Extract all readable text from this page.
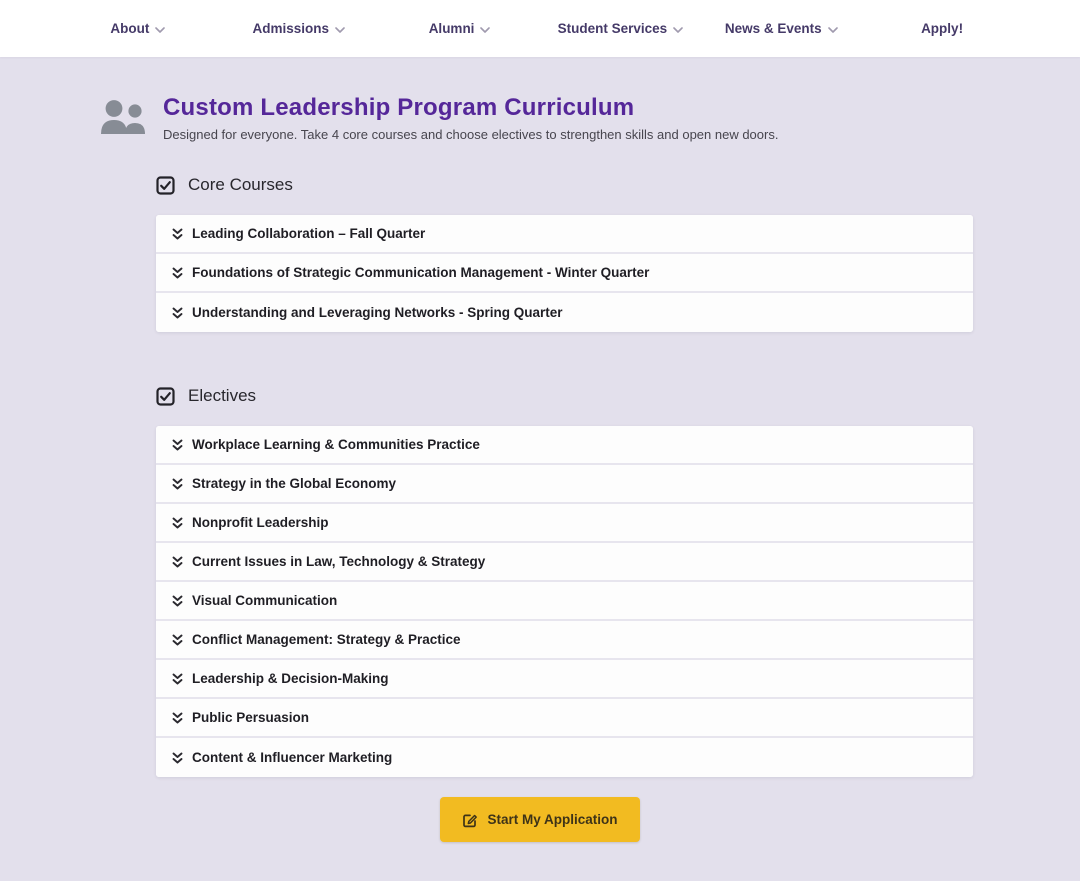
About	Admissions	Alumni	Student Services	News & Events	Apply!
Custom Leadership Program Curriculum

Designed for everyone. Take 4 core courses and choose electives to strengthen skills and open new doors.

Core Courses
Leading Collaboration – Fall Quarter
Foundations of Strategic Communication Management - Winter Quarter
Understanding and Leveraging Networks - Spring Quarter
Electives
Workplace Learning & Communities Practice
Strategy in the Global Economy
Nonprofit Leadership
Current Issues in Law, Technology & Strategy
Visual Communication
Conflict Management: Strategy & Practice
Leadership & Decision-Making
Public Persuasion
Content & Influencer Marketing
Start My Application
